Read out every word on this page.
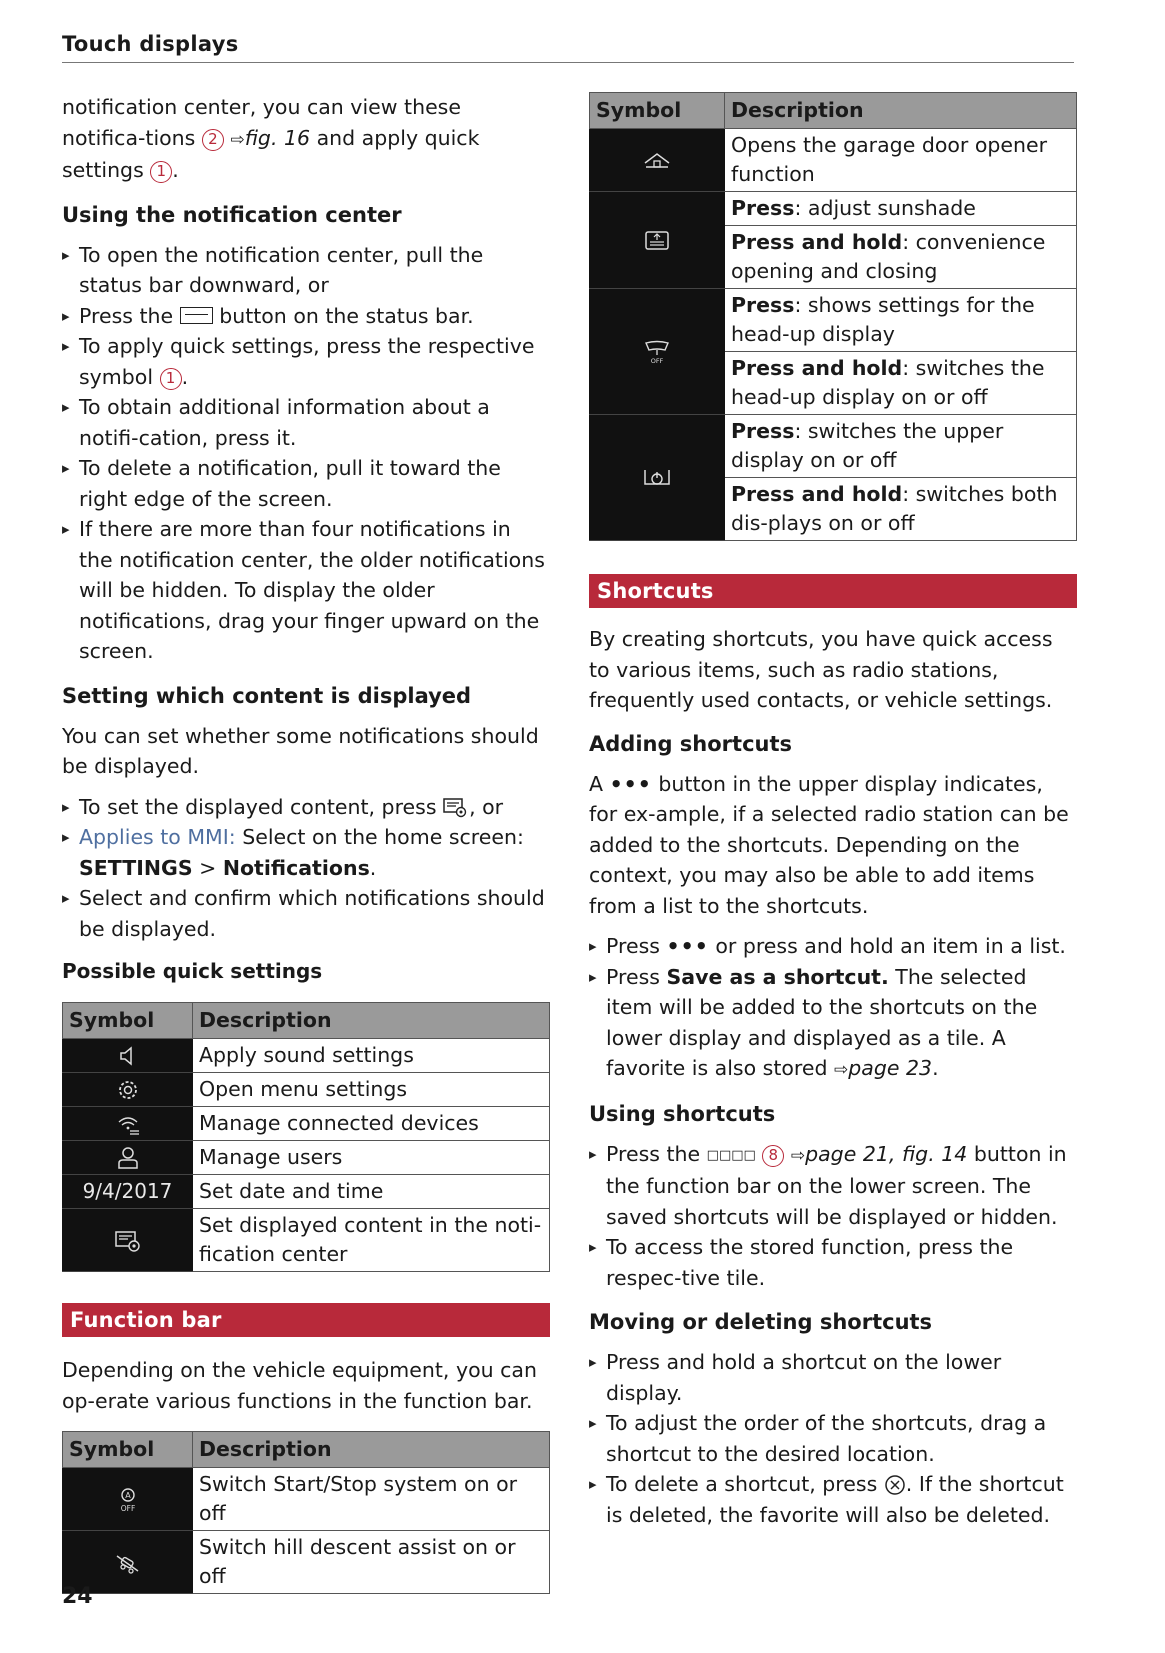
Touch displays

notification center, you can view these notifica-tions 2 ⇨fig. 16 and apply quick settings 1 .

Using the notification center
▸ To open the notification center, pull the status bar downward, or
▸ Press the button on the status bar.
▸ To apply quick settings, press the respective symbol 1 .
▸ To obtain additional information about a notifi-cation, press it.
▸ To delete a notification, pull it toward the right edge of the screen.
▸ If there are more than four notifications in the notification center, the older notifications will be hidden. To display the older notifications, drag your finger upward on the screen.
Setting which content is displayed

You can set whether some notifications should be displayed.

▸ To set the displayed content, press , or
▸ Applies to MMI: Select on the home screen:
SETTINGS > Notifications.
▸ Select and confirm which notifications should be displayed.
Possible quick settings
Symbol	Description
	Apply sound settings
	Open menu settings
	Manage connected devices
	Manage users
9/4/2017	Set date and time
	Set displayed content in the noti-fication center
Function bar

Depending on the vehicle equipment, you can op-erate various functions in the function bar.

Symbol	Description

A
OFF	Switch Start/Stop system on or off
	Switch hill descent assist on or off
Symbol	Description
	Opens the garage door opener function
	Press: adjust sunshade
	Press and hold: convenience opening and closing

OFF	Press: shows settings for the head-up display
	Press and hold: switches the head-up display on or off
	Press: switches the upper display on or off
	Press and hold: switches both dis-plays on or off
Shortcuts

By creating shortcuts, you have quick access to various items, such as radio stations, frequently used contacts, or vehicle settings.

Adding shortcuts

A ••• button in the upper display indicates, for ex-ample, if a selected radio station can be added to the shortcuts. Depending on the context, you may also be able to add items from a list to the shortcuts.

▸ Press ••• or press and hold an item in a list.
▸ Press Save as a shortcut. The selected item will be added to the shortcuts on the lower display and displayed as a tile. A favorite is also stored ⇨page 23.
Using shortcuts
▸ Press the □□□□ 8 ⇨page 21, fig. 14 button in the function bar on the lower screen. The saved shortcuts will be displayed or hidden.
▸ To access the stored function, press the respec-tive tile.
Moving or deleting shortcuts
▸ Press and hold a shortcut on the lower display.
▸ To adjust the order of the shortcuts, drag a shortcut to the desired location.
▸ To delete a shortcut, press . If the shortcut is deleted, the favorite will also be deleted.
24
